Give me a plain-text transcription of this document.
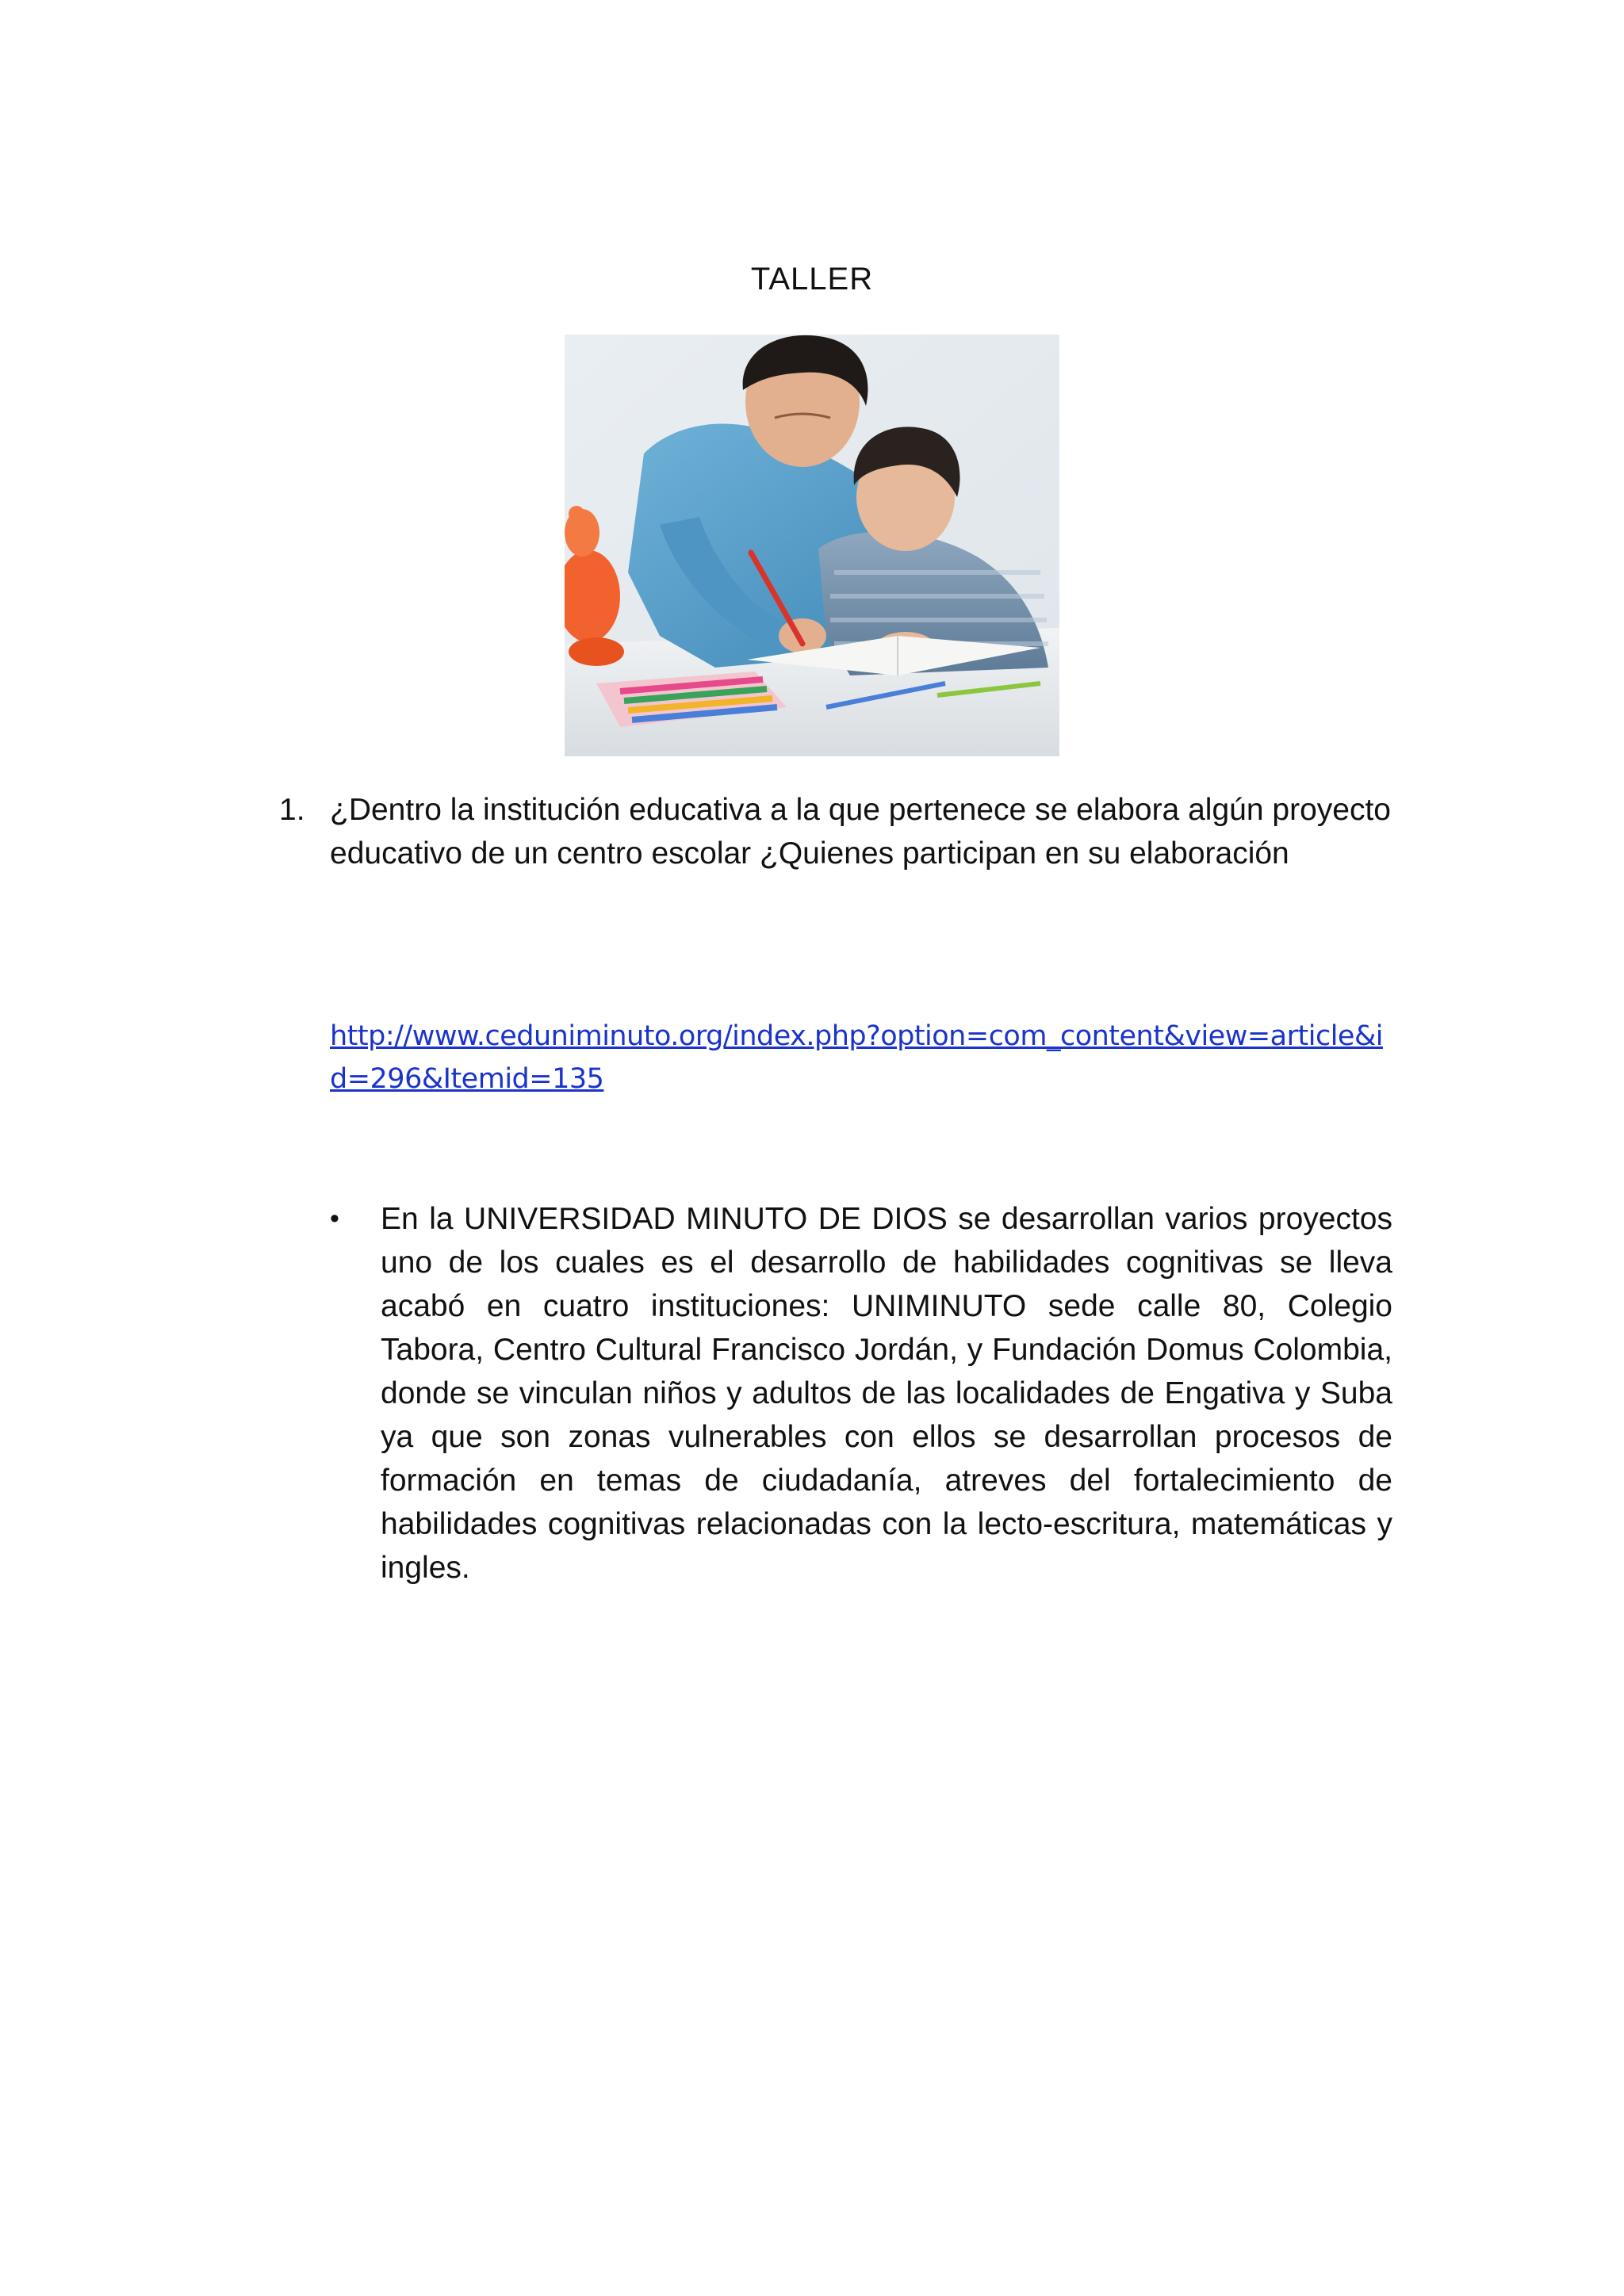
TALLER
1. ¿Dentro la institución educativa a la que pertenece se elabora algún proyecto educativo de un centro escolar ¿Quienes participan en su elaboración
http://www.ceduniminuto.org/index.php?option=com_content&view=article&id=296&Itemid=135
• En la UNIVERSIDAD MINUTO DE DIOS se desarrollan varios proyectos uno de los cuales es el desarrollo de habilidades cognitivas se lleva acabó en cuatro instituciones: UNIMINUTO sede calle 80, Colegio Tabora, Centro Cultural Francisco Jordán, y Fundación Domus Colombia, donde se vinculan niños y adultos de las localidades de Engativa y Suba ya que son zonas vulnerables con ellos se desarrollan procesos de formación en temas de ciudadanía, atreves del fortalecimiento de habilidades cognitivas relacionadas con la lecto-escritura, matemáticas y ingles.
